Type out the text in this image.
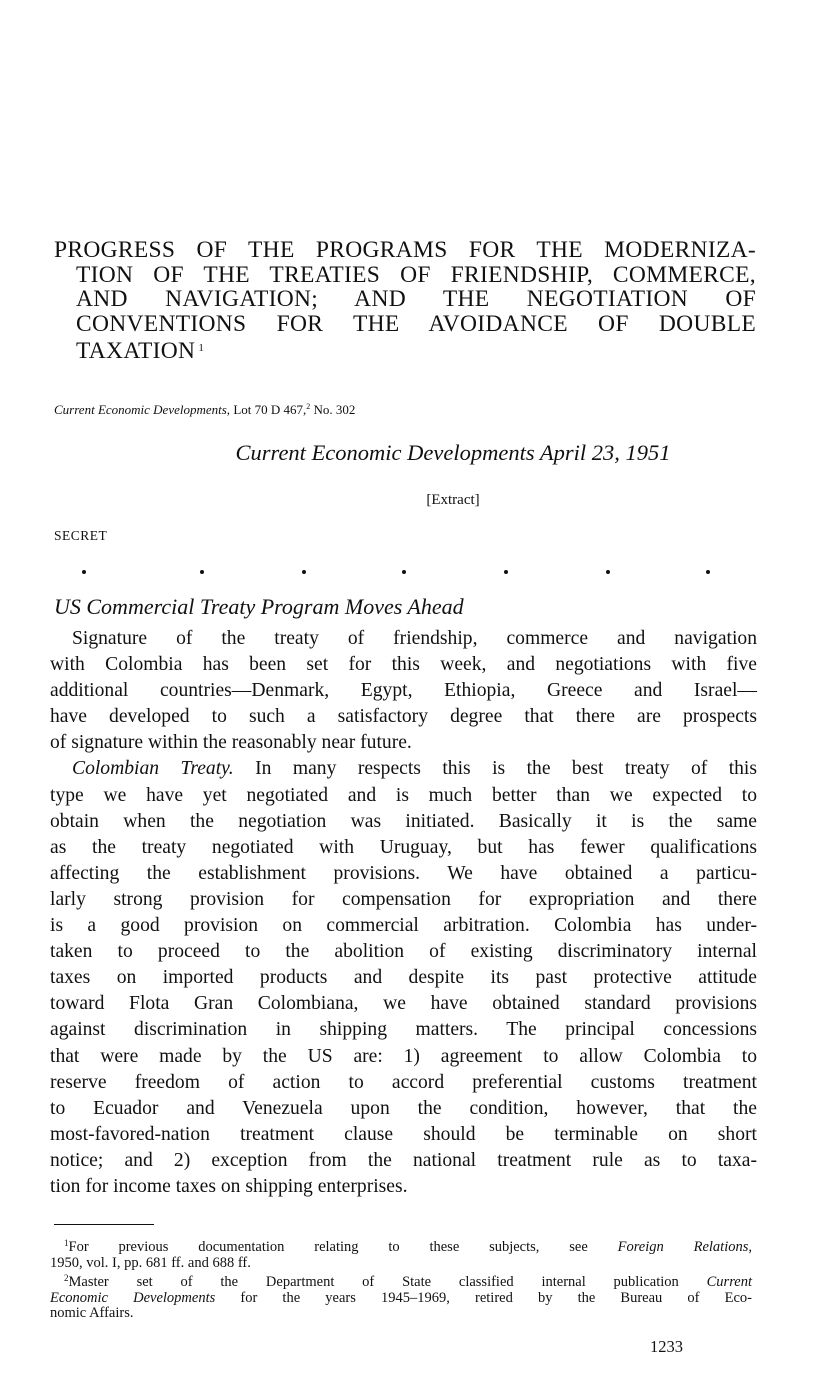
PROGRESS OF THE PROGRAMS FOR THE MODERNIZA-
TION OF THE TREATIES OF FRIENDSHIP, COMMERCE,
AND NAVIGATION; AND THE NEGOTIATION OF
CONVENTIONS FOR THE AVOIDANCE OF DOUBLE
TAXATION $^1$
Current Economic Developments, Lot 70 D 467,$^2$ No. 302
Current Economic Developments April 23, 1951
[Extract]
SECRET
US Commercial Treaty Program Moves Ahead
Signature of the treaty of friendship, commerce and navigation
with Colombia has been set for this week, and negotiations with five
additional countries—Denmark, Egypt, Ethiopia, Greece and Israel—
have developed to such a satisfactory degree that there are prospects
of signature within the reasonably near future.
Colombian Treaty. In many respects this is the best treaty of this
type we have yet negotiated and is much better than we expected to
obtain when the negotiation was initiated. Basically it is the same
as the treaty negotiated with Uruguay, but has fewer qualifications
affecting the establishment provisions. We have obtained a particu-
larly strong provision for compensation for expropriation and there
is a good provision on commercial arbitration. Colombia has under-
taken to proceed to the abolition of existing discriminatory internal
taxes on imported products and despite its past protective attitude
toward Flota Gran Colombiana, we have obtained standard provisions
against discrimination in shipping matters. The principal concessions
that were made by the US are: 1) agreement to allow Colombia to
reserve freedom of action to accord preferential customs treatment
to Ecuador and Venezuela upon the condition, however, that the
most-favored-nation treatment clause should be terminable on short
notice; and 2) exception from the national treatment rule as to taxa-
tion for income taxes on shipping enterprises.
$^1$For previous documentation relating to these subjects, see Foreign Relations,
1950, vol. I, pp. 681 ff. and 688 ff.
$^2$Master set of the Department of State classified internal publication Current
Economic Developments for the years 1945–1969, retired by the Bureau of Eco-
nomic Affairs.
1233
